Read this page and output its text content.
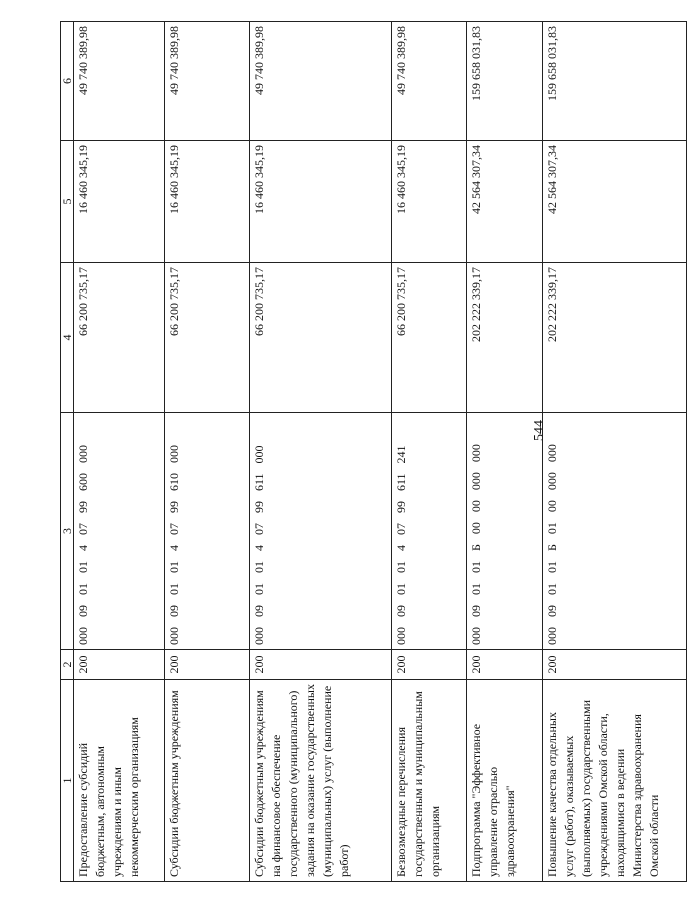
544
1	2	3	4	5	6
Предоставление субсидий бюджетным, автономным учреждениям и иным некоммерческим организациям	200	00009010140799600000	66 200 735,17	16 460 345,19	49 740 389,98
Субсидии бюджетным учреждениям	200	00009010140799610000	66 200 735,17	16 460 345,19	49 740 389,98
Субсидии бюджетным учреждениям на финансовое обеспечение государственного (муниципального) задания на оказание государственных (муниципальных) услуг (выполнение работ)	200	00009010140799611000	66 200 735,17	16 460 345,19	49 740 389,98
Безвозмездные перечисления государственным и муниципальным организациям	200	00009010140799611241	66 200 735,17	16 460 345,19	49 740 389,98
Подпрограмма "Эффективное управление отраслью здравоохранения"	200	000090101Б0000000000	202 222 339,17	42 564 307,34	159 658 031,83
Повышение качества отдельных услуг (работ), оказываемых (выполняемых) государственными учреждениями Омской области, находящимися в ведении Министерства здравоохранения Омской области	200	000090101Б0100000000	202 222 339,17	42 564 307,34	159 658 031,83
